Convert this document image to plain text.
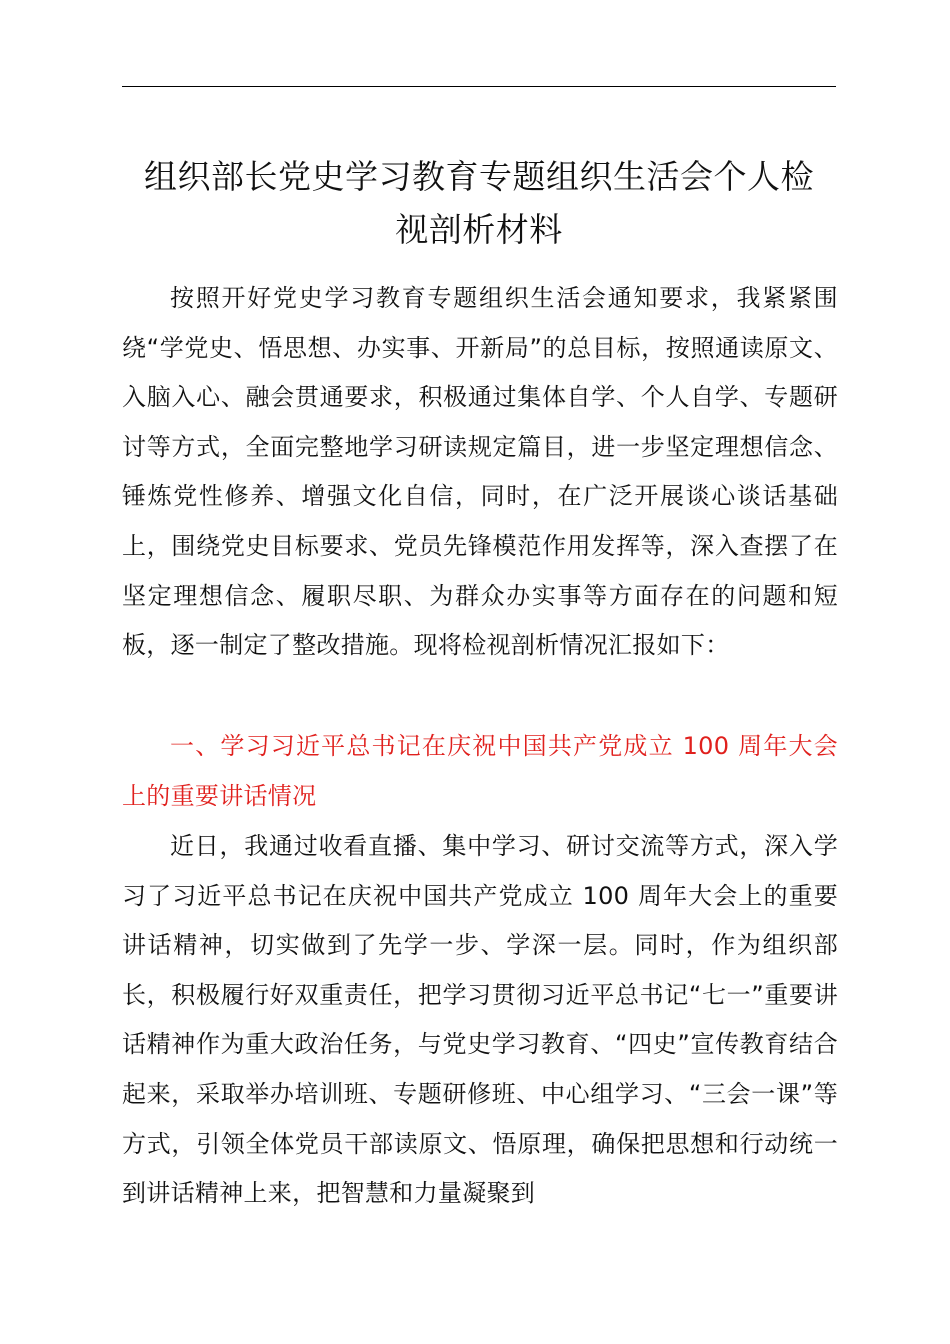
组织部长党史学习教育专题组织生活会个人检
视剖析材料

按照开好党史学习教育专题组织生活会通知要求，我紧紧围绕“学党史、悟思想、办实事、开新局”的总目标，按照通读原文、入脑入心、融会贯通要求，积极通过集体自学、个人自学、专题研讨等方式，全面完整地学习研读规定篇目，进一步坚定理想信念、锤炼党性修养、增强文化自信，同时，在广泛开展谈心谈话基础上，围绕党史目标要求、党员先锋模范作用发挥等，深入查摆了在坚定理想信念、履职尽职、为群众办实事等方面存在的问题和短板，逐一制定了整改措施。现将检视剖析情况汇报如下：

一、学习习近平总书记在庆祝中国共产党成立 100 周年大会上的重要讲话情况

近日，我通过收看直播、集中学习、研讨交流等方式，深入学习了习近平总书记在庆祝中国共产党成立 100 周年大会上的重要讲话精神，切实做到了先学一步、学深一层。同时，作为组织部长，积极履行好双重责任，把学习贯彻习近平总书记“七一”重要讲话精神作为重大政治任务，与党史学习教育、“四史”宣传教育结合起来，采取举办培训班、专题研修班、中心组学习、“三会一课”等方式，引领全体党员干部读原文、悟原理，确保把思想和行动统一到讲话精神上来，把智慧和力量凝聚到
